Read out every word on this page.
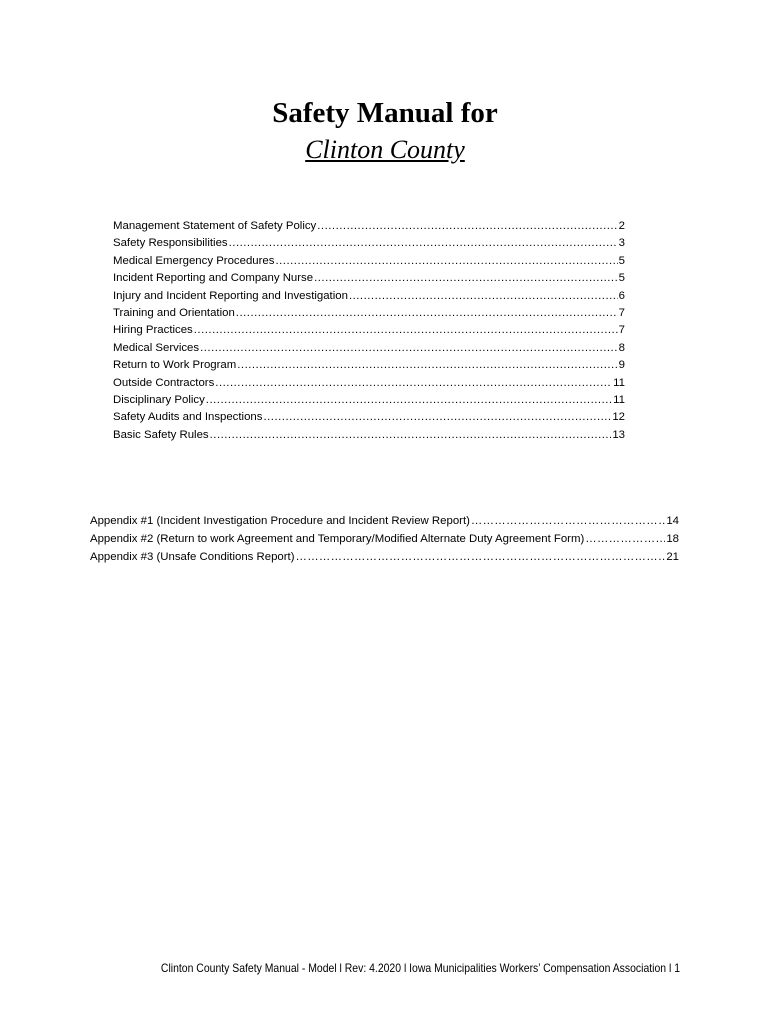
Safety Manual for
Clinton County
Management Statement of Safety Policy .....	2
Safety Responsibilities .....	3
Medical Emergency Procedures .....	5
Incident Reporting and Company Nurse .....	5
Injury and Incident Reporting and Investigation .....	6
Training and Orientation .....	7
Hiring Practices .....	7
Medical Services .....	8
Return to Work Program .....	9
Outside Contractors .....	11
Disciplinary Policy .....	11
Safety Audits and Inspections .....	12
Basic Safety Rules .....	13
Appendix #1 (Incident Investigation Procedure and Incident Review Report) ……………………………………………………………………………………………………………………………………………………………………………………………	14
Appendix #2 (Return to work Agreement and Temporary/Modified Alternate Duty Agreement Form) ……………………………………………………………………………………………………………………………………………………………………………………………	18
Appendix #3 (Unsafe Conditions Report) ……………………………………………………………………………………………………………………………………………………………………………………………	21
Clinton County Safety Manual - Model l Rev: 4.2020 l Iowa Municipalities Workers’ Compensation Association l 1
